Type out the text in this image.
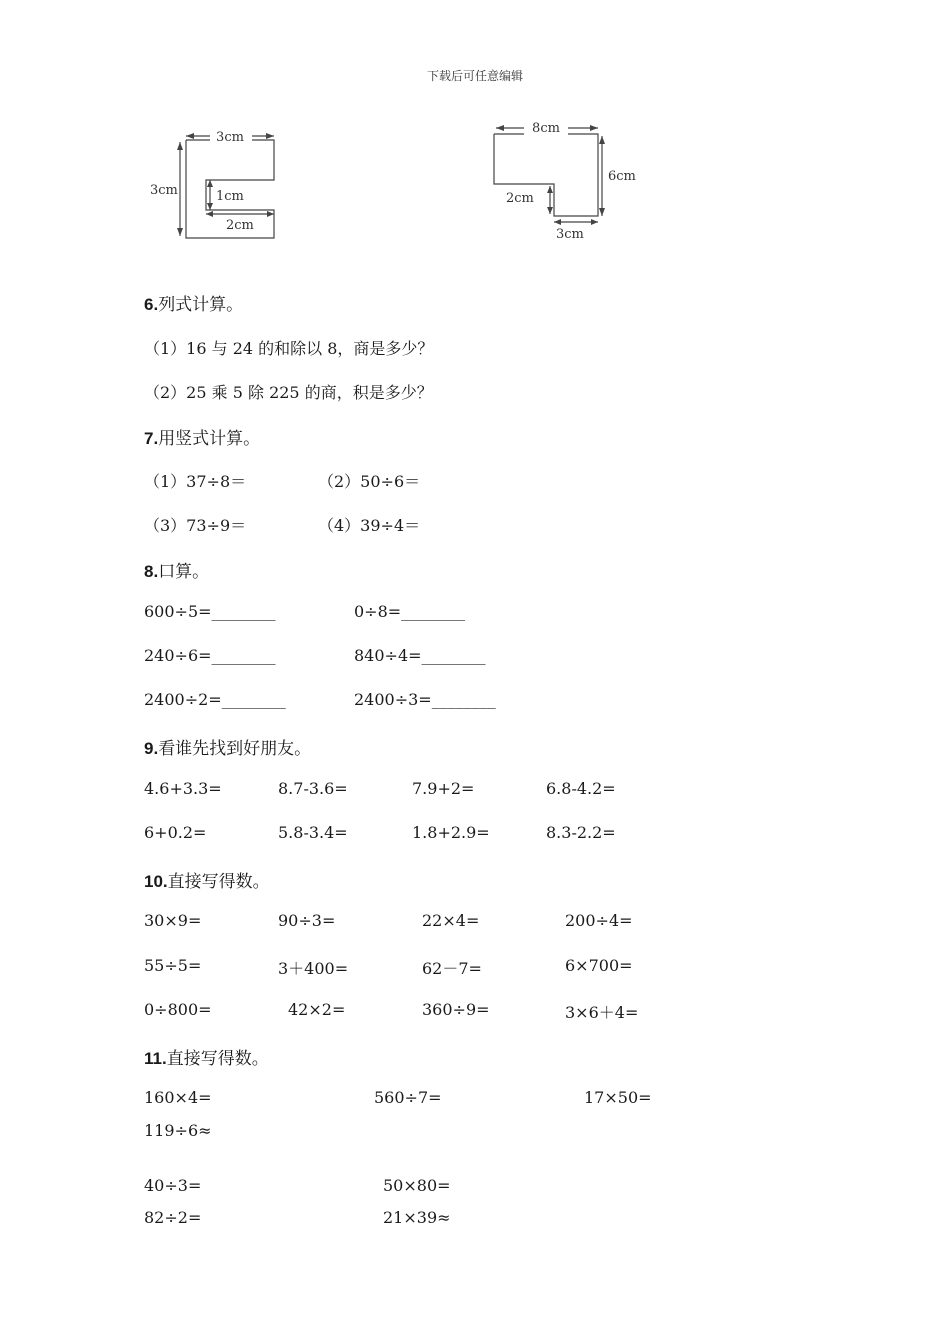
下载后可任意编辑
3cm
3cm	1cm
2cm
8cm
6cm
2cm
3cm
6.列式计算。
（1）16 与 24 的和除以 8，商是多少？
（2）25 乘 5 除 225 的商，积是多少？
7.用竖式计算。
（1）37÷8＝	（2）50÷6＝
（3）73÷9＝	（4）39÷4＝
8.口算。
600÷5=________	0÷8=________
240÷6=________	840÷4=________
2400÷2=________	2400÷3=________
9.看谁先找到好朋友。
4.6+3.3=	8.7-3.6=	7.9+2=	6.8-4.2=
6+0.2=	5.8-3.4=	1.8+2.9=	8.3-2.2=
10.直接写得数。
30×9=	90÷3=	22×4=	200÷4=
55÷5=	3＋400=	62－7=	6×700=
0÷800=	42×2=	360÷9=	3×6＋4=
11.直接写得数。
160×4=	560÷7=	17×50=
119÷6≈
40÷3=	50×80=
82÷2=	21×39≈
